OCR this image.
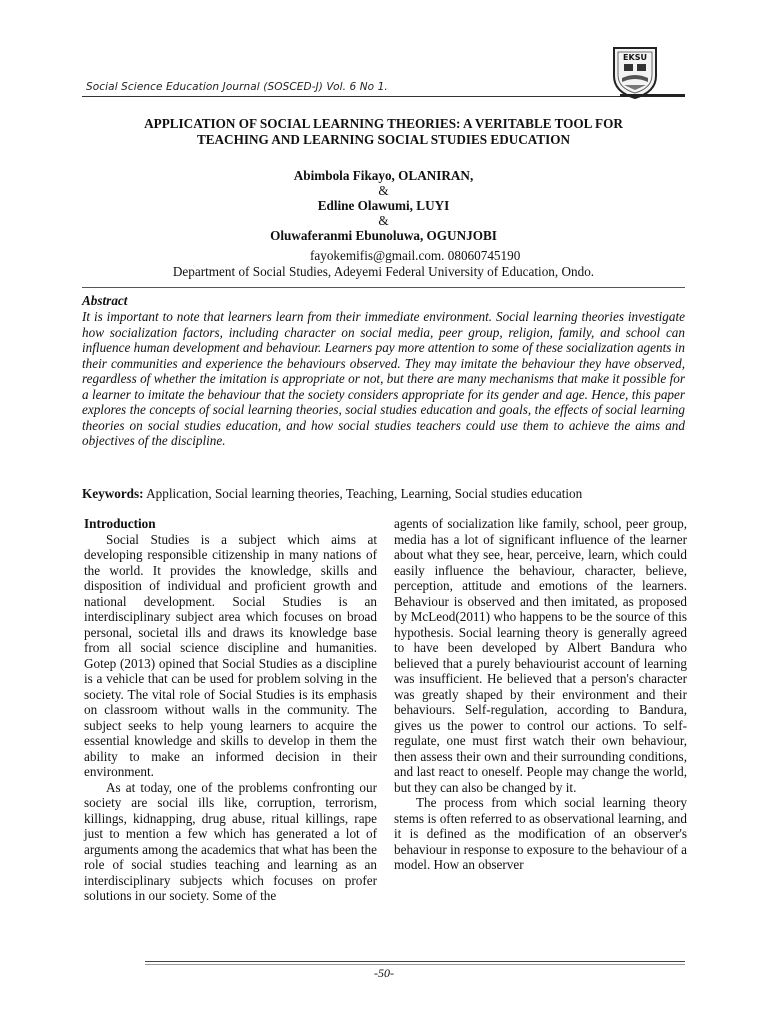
Social Science Education Journal (SOSCED-J) Vol. 6 No 1.
EKSU
APPLICATION OF SOCIAL LEARNING THEORIES: A VERITABLE TOOL FOR
TEACHING AND LEARNING SOCIAL STUDIES EDUCATION
Abimbola Fikayo, OLANIRAN,
&
Edline Olawumi, LUYI
&
Oluwaferanmi Ebunoluwa, OGUNJOBI
fayokemifis@gmail.com. 08060745190
Department of Social Studies, Adeyemi Federal University of Education, Ondo.
Abstract
It is important to note that learners learn from their immediate environment. Social learning theories investigate how socialization factors, including character on social media, peer group, religion, family, and school can influence human development and behaviour. Learners pay more attention to some of these socialization agents in their communities and experience the behaviours observed. They may imitate the behaviour they have observed, regardless of whether the imitation is appropriate or not, but there are many mechanisms that make it possible for a learner to imitate the behaviour that the society considers appropriate for its gender and age. Hence, this paper explores the concepts of social learning theories, social studies education and goals, the effects of social learning theories on social studies education, and how social studies teachers could use them to achieve the aims and objectives of the discipline.
Keywords: Application, Social learning theories, Teaching, Learning, Social studies education

Introduction

Social Studies is a subject which aims at developing responsible citizenship in many nations of the world. It provides the knowledge, skills and disposition of individual and proficient growth and national development. Social Studies is an interdisciplinary subject area which focuses on broad personal, societal ills and draws its knowledge base from all social science discipline and humanities. Gotep (2013) opined that Social Studies as a discipline is a vehicle that can be used for problem solving in the society. The vital role of Social Studies is its emphasis on classroom without walls in the community. The subject seeks to help young learners to acquire the essential knowledge and skills to develop in them the ability to make an informed decision in their environment.

As at today, one of the problems confronting our society are social ills like, corruption, terrorism, killings, kidnapping, drug abuse, ritual killings, rape just to mention a few which has generated a lot of arguments among the academics that what has been the role of social studies teaching and learning as an interdisciplinary subjects which focuses on profer solutions in our society. Some of the

agents of socialization like family, school, peer group, media has a lot of significant influence of the learner about what they see, hear, perceive, learn, which could easily influence the behaviour, character, believe, perception, attitude and emotions of the learners. Behaviour is observed and then imitated, as proposed by McLeod(2011) who happens to be the source of this hypothesis. Social learning theory is generally agreed to have been developed by Albert Bandura who believed that a purely behaviourist account of learning was insufficient. He believed that a person's character was greatly shaped by their environment and their behaviours. Self-regulation, according to Bandura, gives us the power to control our actions. To self-regulate, one must first watch their own behaviour, then assess their own and their surrounding conditions, and last react to oneself. People may change the world, but they can also be changed by it.

The process from which social learning theory stems is often referred to as observational learning, and it is defined as the modification of an observer's behaviour in response to exposure to the behaviour of a model. How an observer

-50-
